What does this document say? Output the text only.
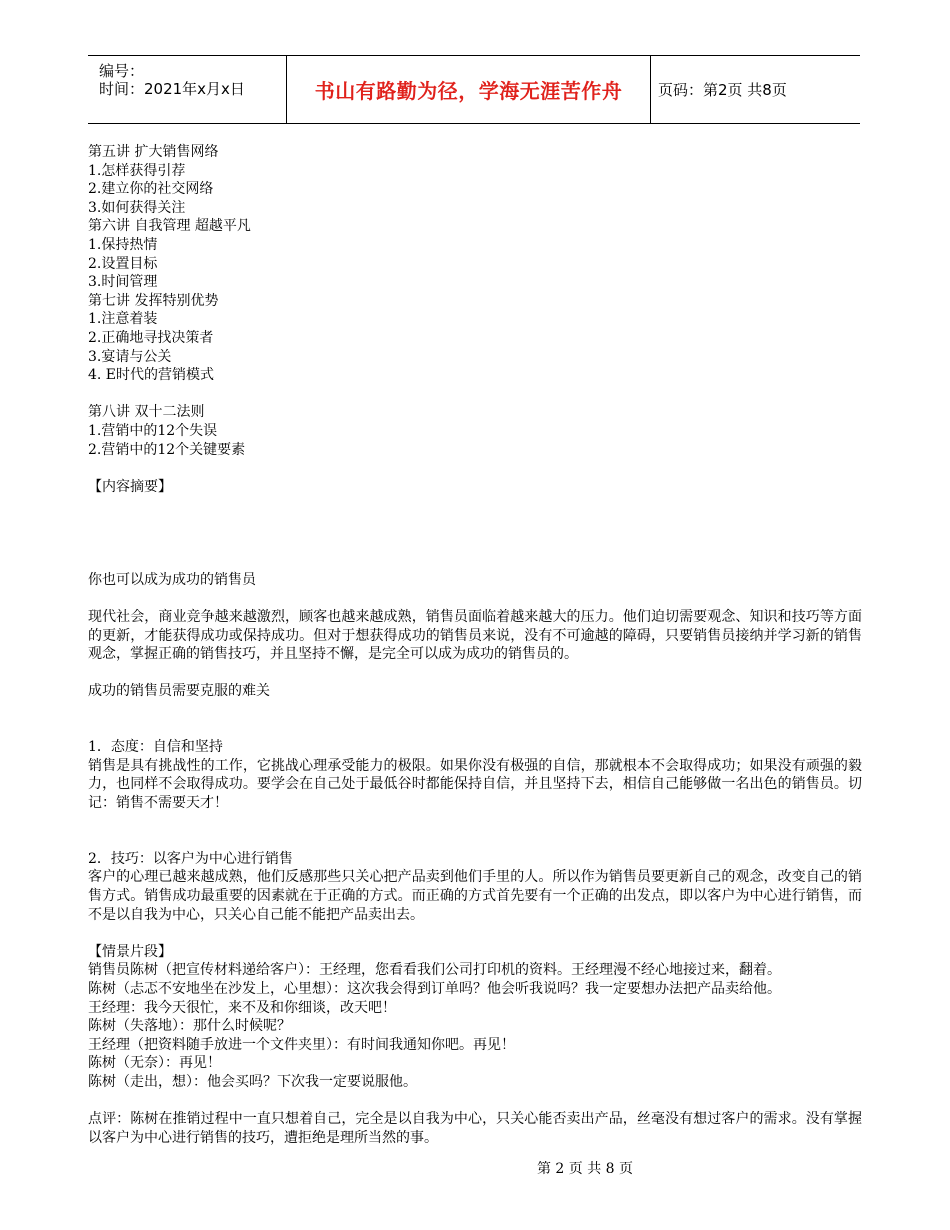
编号：
时间：2021年x月x日	书山有路勤为径，学海无涯苦作舟 页码：第2页 共8页

第五讲 扩大销售网络

1.怎样获得引荐

2.建立你的社交网络

3.如何获得关注

第六讲 自我管理 超越平凡

1.保持热情

2.设置目标

3.时间管理

第七讲 发挥特别优势

1.注意着装

2.正确地寻找决策者

3.宴请与公关

4. E时代的营销模式

第八讲 双十二法则

1.营销中的12个失误

2.营销中的12个关键要素

【内容摘要】

你也可以成为成功的销售员

现代社会，商业竞争越来越激烈，顾客也越来越成熟，销售员面临着越来越大的压力。他们迫切需要观念、知识和技巧等方面的更新，才能获得成功或保持成功。但对于想获得成功的销售员来说，没有不可逾越的障碍，只要销售员接纳并学习新的销售观念，掌握正确的销售技巧，并且坚持不懈，是完全可以成为成功的销售员的。

成功的销售员需要克服的难关

1．态度：自信和坚持

销售是具有挑战性的工作，它挑战心理承受能力的极限。如果你没有极强的自信，那就根本不会取得成功；如果没有顽强的毅力，也同样不会取得成功。要学会在自己处于最低谷时都能保持自信，并且坚持下去，相信自己能够做一名出色的销售员。切记：销售不需要天才！

2．技巧：以客户为中心进行销售

客户的心理已越来越成熟，他们反感那些只关心把产品卖到他们手里的人。所以作为销售员要更新自己的观念，改变自己的销售方式。销售成功最重要的因素就在于正确的方式。而正确的方式首先要有一个正确的出发点，即以客户为中心进行销售，而不是以自我为中心，只关心自己能不能把产品卖出去。

【情景片段】

销售员陈树（把宣传材料递给客户）：王经理，您看看我们公司打印机的资料。王经理漫不经心地接过来，翻着。

陈树（忐忑不安地坐在沙发上，心里想）：这次我会得到订单吗？他会听我说吗？我一定要想办法把产品卖给他。

王经理：我今天很忙，来不及和你细谈，改天吧！

陈树（失落地）：那什么时候呢？

王经理（把资料随手放进一个文件夹里）：有时间我通知你吧。再见！

陈树（无奈）：再见！

陈树（走出，想）：他会买吗？下次我一定要说服他。

点评：陈树在推销过程中一直只想着自己，完全是以自我为中心，只关心能否卖出产品，丝毫没有想过客户的需求。没有掌握以客户为中心进行销售的技巧，遭拒绝是理所当然的事。

第 2 页 共 8 页
